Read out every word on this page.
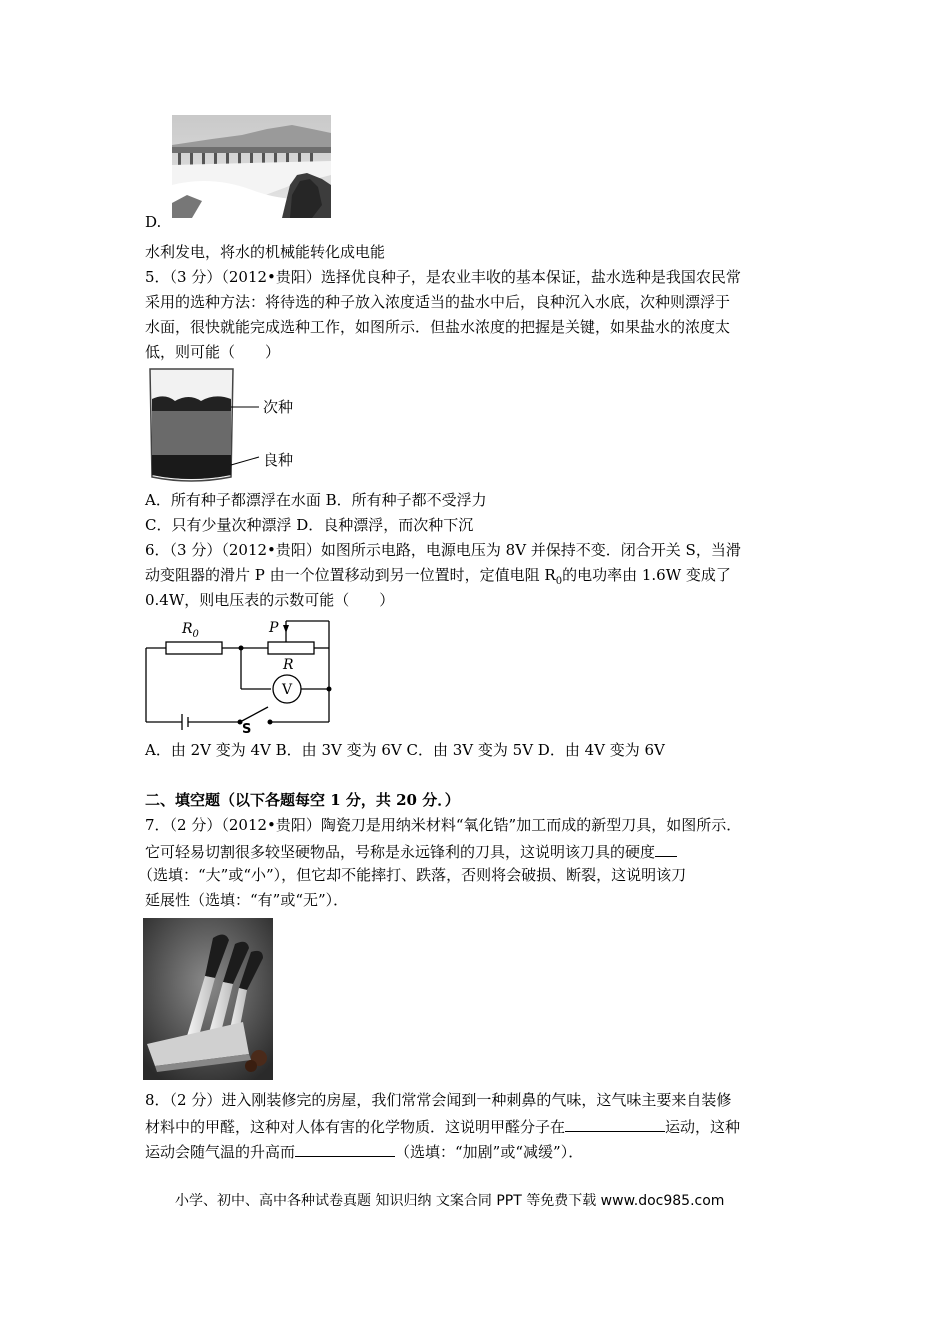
D.
水利发电，将水的机械能转化成电能
5．（3 分）（2012•贵阳）选择优良种子，是农业丰收的基本保证，盐水选种是我国农民常
采用的选种方法：将待选的种子放入浓度适当的盐水中后，良种沉入水底，次种则漂浮于
水面，很快就能完成选种工作，如图所示．但盐水浓度的把握是关键，如果盐水的浓度太
低，则可能（　　）
次种
良种
A．所有种子都漂浮在水面 B．所有种子都不受浮力
C．只有少量次种漂浮 D．良种漂浮，而次种下沉
6．（3 分）（2012•贵阳）如图所示电路，电源电压为 8V 并保持不变．闭合开关 S，当滑
动变阻器的滑片 P 由一个位置移动到另一位置时，定值电阻 $R_0$的电功率由 1.6W 变成了
0.4W，则电压表的示数可能（　　）
$R_0$	P
R
V
S
A．由 2V 变为 4V B．由 3V 变为 6V C．由 3V 变为 5V D．由 4V 变为 6V
二、填空题（以下各题每空 1 分，共 20 分．）
7．（2 分）（2012•贵阳）陶瓷刀是用纳米材料“氧化锆”加工而成的新型刀具，如图所示．
它可轻易切割很多较坚硬物品，号称是永远锋利的刀具，这说明该刀具的硬度
（选填：“大”或“小”），但它却不能摔打、跌落，否则将会破损、断裂，这说明该刀
延展性（选填：“有”或“无”）．
8．（2 分）进入刚装修完的房屋，我们常常会闻到一种刺鼻的气味，这气味主要来自装修
材料中的甲醛，这种对人体有害的化学物质．这说明甲醛分子在	运动，这种
运动会随气温的升高而	（选填：“加剧”或“减缓”）．
小学、初中、高中各种试卷真题 知识归纳 文案合同 PPT 等免费下载 www.doc985.com
